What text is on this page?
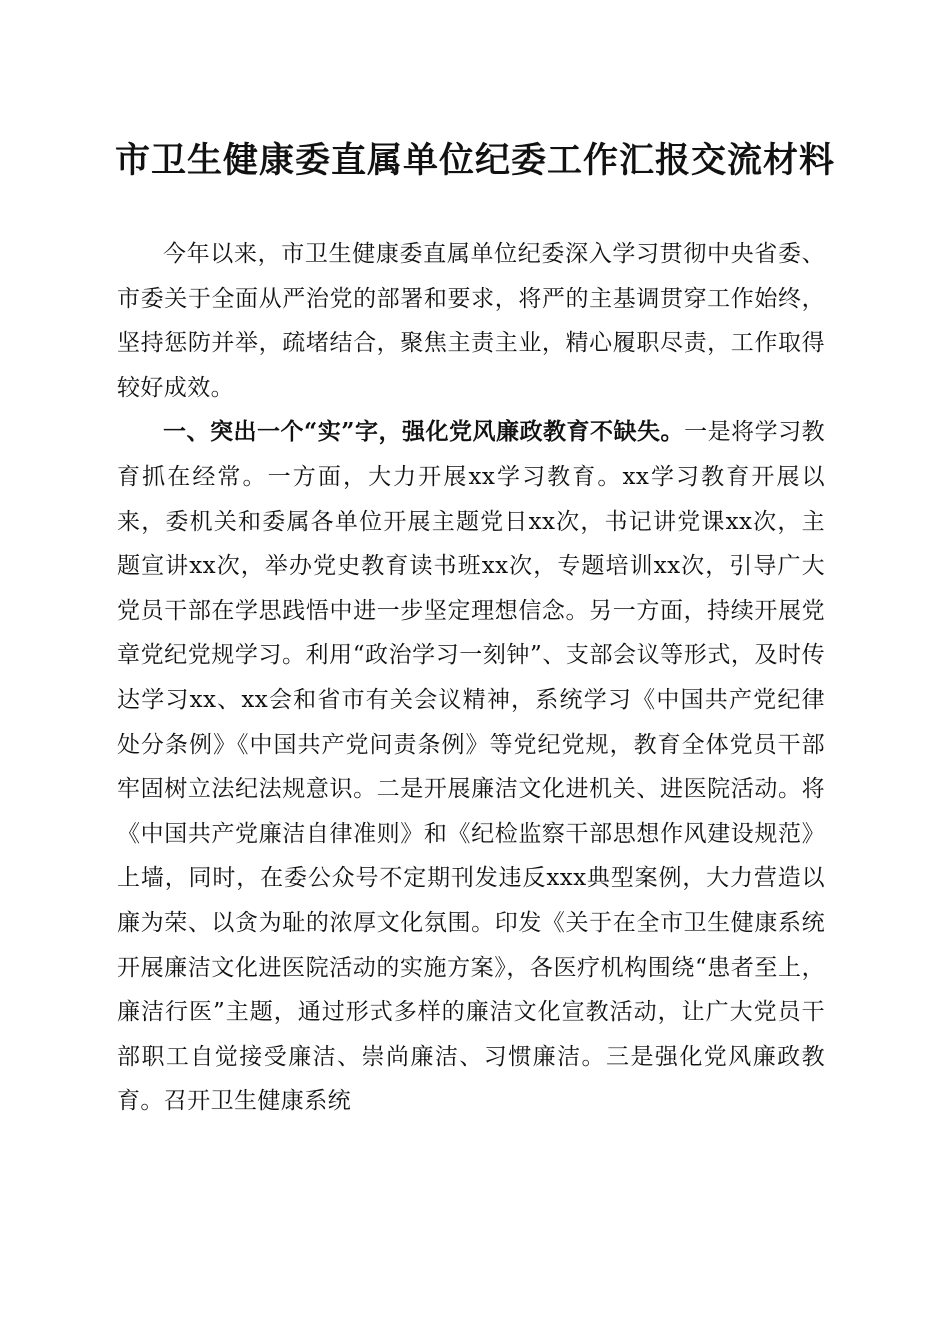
市卫生健康委直属单位纪委工作汇报交流材料

今年以来，市卫生健康委直属单位纪委深入学习贯彻中央省委、市委关于全面从严治党的部署和要求，将严的主基调贯穿工作始终，坚持惩防并举，疏堵结合，聚焦主责主业，精心履职尽责，工作取得较好成效。

一、突出一个“实”字，强化党风廉政教育不缺失。一是将学习教育抓在经常。一方面，大力开展xx学习教育。xx学习教育开展以来，委机关和委属各单位开展主题党日xx次，书记讲党课xx次，主题宣讲xx次，举办党史教育读书班xx次，专题培训xx次，引导广大党员干部在学思践悟中进一步坚定理想信念。另一方面，持续开展党章党纪党规学习。利用“政治学习一刻钟”、支部会议等形式，及时传达学习xx、xx会和省市有关会议精神，系统学习《中国共产党纪律处分条例》《中国共产党问责条例》等党纪党规，教育全体党员干部牢固树立法纪法规意识。二是开展廉洁文化进机关、进医院活动。将《中国共产党廉洁自律准则》和《纪检监察干部思想作风建设规范》上墙，同时，在委公众号不定期刊发违反xxx典型案例，大力营造以廉为荣、以贪为耻的浓厚文化氛围。印发《关于在全市卫生健康系统开展廉洁文化进医院活动的实施方案》，各医疗机构围绕“患者至上，廉洁行医”主题，通过形式多样的廉洁文化宣教活动，让广大党员干部职工自觉接受廉洁、崇尚廉洁、习惯廉洁。三是强化党风廉政教育。召开卫生健康系统
